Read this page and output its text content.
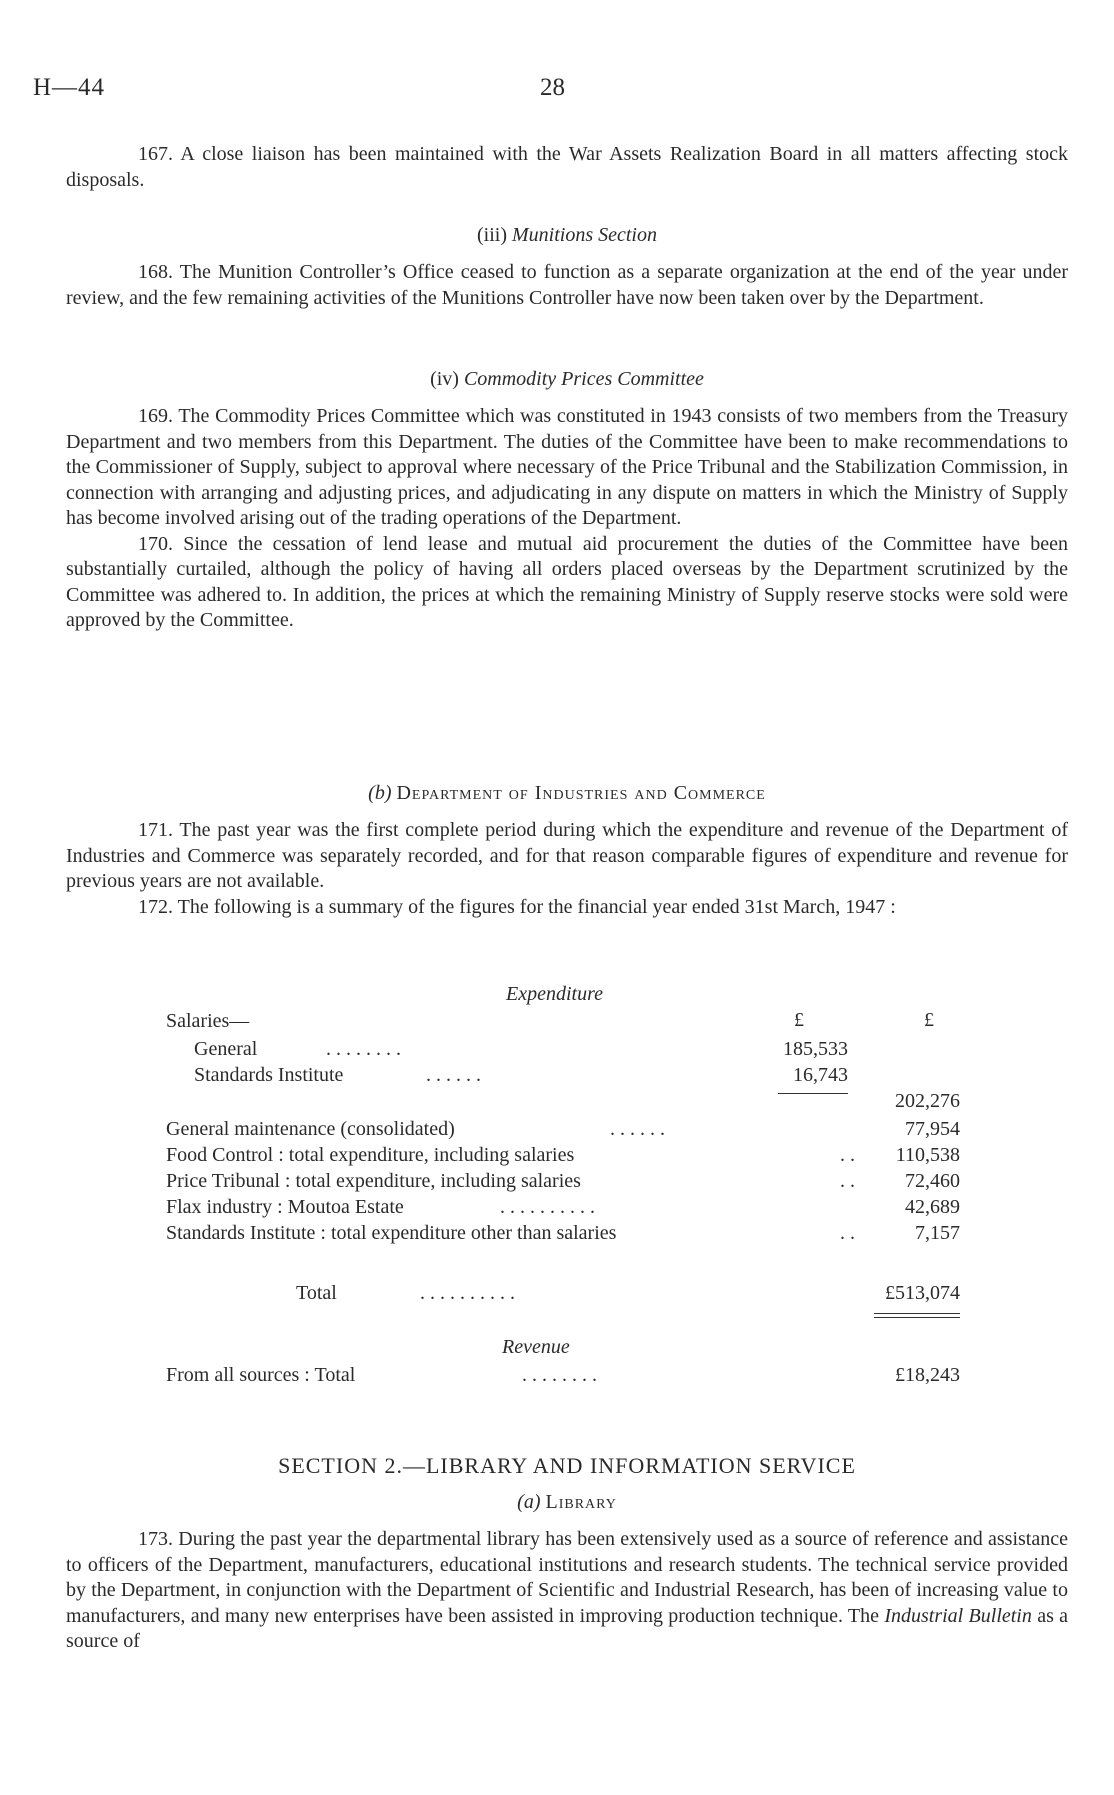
H—44	28

167. A close liaison has been maintained with the War Assets Realization Board in all matters affecting stock disposals.

(iii) Munitions Section

168. The Munition Controller’s Office ceased to function as a separate organization at the end of the year under review, and the few remaining activities of the Munitions Controller have now been taken over by the Department.

(iv) Commodity Prices Committee

169. The Commodity Prices Committee which was constituted in 1943 consists of two members from the Treasury Department and two members from this Department. The duties of the Committee have been to make recommendations to the Commissioner of Supply, subject to approval where necessary of the Price Tribunal and the Stabilization Commission, in connection with arranging and adjusting prices, and adjudicating in any dispute on matters in which the Ministry of Supply has become involved arising out of the trading operations of the Department.

170. Since the cessation of lend lease and mutual aid procurement the duties of the Committee have been substantially curtailed, although the policy of having all orders placed overseas by the Department scrutinized by the Committee was adhered to. In addition, the prices at which the remaining Ministry of Supply reserve stocks were sold were approved by the Committee.

(b) Department of Industries and Commerce

171. The past year was the first complete period during which the expenditure and revenue of the Department of Industries and Commerce was separately recorded, and for that reason comparable figures of expenditure and revenue for previous years are not available.

172. The following is a summary of the figures for the financial year ended 31st March, 1947 :

Expenditure
£	£
Salaries—
General	. . . . . . . .	185,533
Standards Institute	. . . . . .	16,743
202,276
General maintenance (consolidated)	. . . . . .	77,954
Food Control : total expenditure, including salaries	. .	110,538
Price Tribunal : total expenditure, including salaries	. .	72,460
Flax industry : Moutoa Estate	. . . . . . . . . .	42,689
Standards Institute : total expenditure other than salaries	. .	7,157
Total	. . . . . . . . . .	£513,074
Revenue
From all sources : Total	. . . . . . . .	£18,243
SECTION 2.—LIBRARY AND INFORMATION SERVICE
(a) Library

173. During the past year the departmental library has been extensively used as a source of reference and assistance to officers of the Department, manufacturers, educational institutions and research students. The technical service provided by the Department, in conjunction with the Department of Scientific and Industrial Research, has been of increasing value to manufacturers, and many new enterprises have been assisted in improving production technique. The Industrial Bulletin as a source of
